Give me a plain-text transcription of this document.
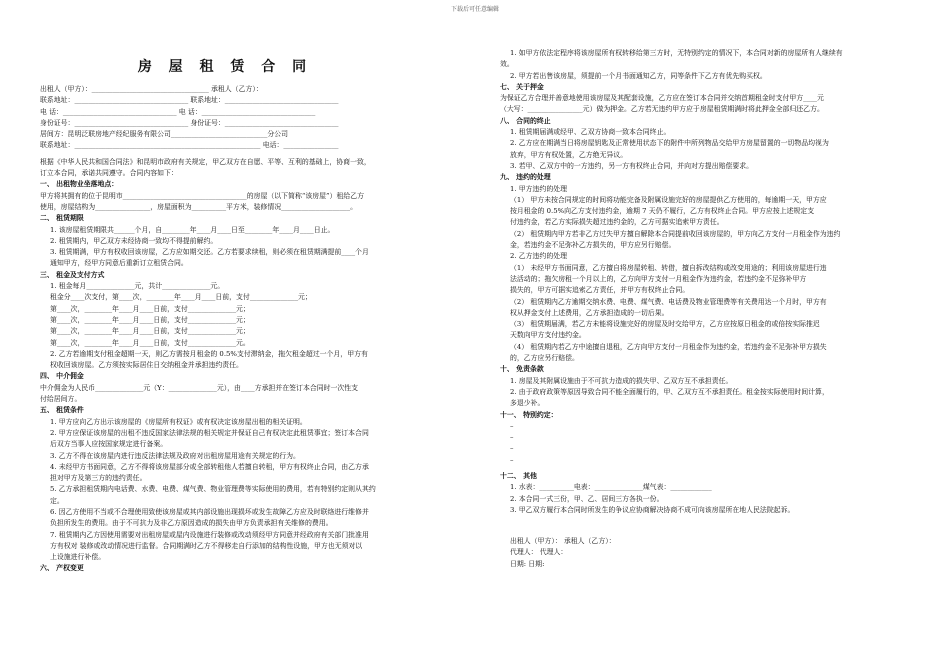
下载后可任意编辑
房 屋 租 赁 合 同
出租人（甲方）：__________________________________ 承租人（乙方）：
联系地址：_________________________________ 联系地址：_________________________________
电 话：_________________________________ 电 话：_________________________________
身份证号：_________________________________ 身份证号：_________________________________
居间方：昆明泛联房地产经纪服务有限公司____________________________分公司
联系地址：______________________________________________________ 电话：________________
根据《中华人民共和国合同法》和昆明市政府有关规定，甲乙双方在自愿、平等、互利的基础上，协商一致，
订立本合同，承诺共同遵守。合同内容如下：
一、 出租物业坐落地点：
甲方将其拥有的位于昆明市____________________________________的房屋（以下简称“该房屋”）租给乙方
使用，房屋结构为________________，房屋面积为__________平方米，装修情况____________________。
二、 租赁期限
1. 该房屋租赁期限共______个月，自________年____月____日至________年____月____日止。
2. 租赁期内，甲乙双方未经协商一致均不得提前解约。
3. 租赁期满，甲方有权收回该房屋，乙方应如期交还。乙方若要求续租，则必须在租赁期满提前____个月
通知甲方，经甲方同意后重新订立租赁合同。
三、 租金及支付方式
1. 租金每月______________元，共计______________元。
租金分____次支付，第____次，________年____月____日前，支付______________元；
第____次，________年____月____日前，支付______________元；
第____次，________年____月____日前，支付______________元；
第____次，________年____月____日前，支付______________元；
第____次，________年____月____日前，支付______________元。
2. 乙方若逾期支付租金超期一天，则乙方需按月租金的 0.5%支付滞纳金，拖欠租金超过一个月，甲方有
权收回该房屋。乙方须按实际居住日交纳租金并承担违约责任。
四、 中介佣金
中介佣金为人民币______________元（Y：______________元），由____方承担并在签订本合同时一次性支
付给居间方。
五、 租赁条件
1. 甲方应向乙方出示该房屋的《房屋所有权证》或有权决定该房屋出租的相关证明。
2. 甲方应保证该房屋的出租不违反国家法律法规的相关规定并保证自己有权决定此租赁事宜；签订本合同
后双方当事人应按国家规定进行备案。
3. 乙方不得在该房屋内进行违反法律法规及政府对出租房屋用途有关规定的行为。
4. 未经甲方书面同意，乙方不得将该房屋部分或全部转租他人若擅自转租，甲方有权终止合同，由乙方承
担对甲方及第三方的违约责任。
5. 乙方承担租赁期内电话费、水费、电费、煤气费、物业管理费等实际使用的费用，若有特别约定则从其约
定。
6. 因乙方使用不当或不合理使用致使该房屋或其内部设施出现损坏或发生故障乙方应及时联络进行维修并
负担所发生的费用。由于不可抗力及非乙方原因造成的损失由甲方负责承担有关维修的费用。
7. 租赁期内乙方因使用需要对出租房屋或屋内设施进行装修或改动须经甲方同意并经政府有关部门批准用
方有权对 装修或改动情况进行监督。合同期满时乙方不得移走自行添加的结构性设施，甲方也无须对以
上设施进行补偿。
六、 产权变更
1. 如甲方依法定程序将该房屋所有权转移给第三方时，无特别约定的情况下，本合同对新的房屋所有人继续有
效。
2. 甲方若出售该房屋，须提前一个月书面通知乙方，同等条件下乙方有优先购买权。
七、 关于押金
为保证乙方合理并善意地使用该房屋及其配套设施，乙方应在签订本合同并交纳首期租金时支付甲方____元
（大写：________________元）做为押金。乙方若无违约甲方应于房屋租赁期满时将此押金全部归还乙方。
八、 合同的终止
1. 租赁期届满或经甲、乙双方协商一致本合同终止。
2. 乙方应在期满当日将房屋钥匙及正常使用状态下的附件中所列物品交给甲方房屋留置的一切物品均视为
放弃，甲方有权处置，乙方绝无异议。
3. 若甲、乙双方中的一方违约，另一方有权终止合同，并向对方提出赔偿要求。
九、 违约的处理
1. 甲方违约的处理
（1） 甲方未按合同规定的时间将功能完备及附属设施完好的房屋提供乙方使用的，每逾期一天，甲方应
按月租金的 0.5%向乙方支付违约金，逾期 7 天仍不履行，乙方有权终止合同。甲方应按上述规定支
付违约金，若乙方实际损失超过违约金的，乙方可据实追索甲方责任。
（2） 租赁期内甲方若非乙方过失甲方擅自解除本合同提前收回该房屋的，甲方向乙方支付一月租金作为违约
金，若违约金不足弥补乙方损失的，甲方应另行赔偿。
2. 乙方违约的处理
（1） 未经甲方书面同意，乙方擅自将房屋转租、转借，擅自拆改结构或改变用途的；利用该房屋进行违
法活动的；拖欠房租一个月以上的，乙方向甲方支付一月租金作为违约金，若违约金不足弥补甲方
损失的，甲方可据实追索乙方责任，并甲方有权终止合同。
（2） 租赁期内乙方逾期交纳水费、电费、煤气费、电话费及物业管理费等有关费用达一个月时，甲方有
权从押金支付上述费用，乙方承担造成的一切后果。
（3） 租赁期届满，若乙方未能将设施完好的房屋及时交给甲方，乙方应按原日租金的或倍按实际推迟
天数向甲方支付违约金。
（4） 租赁期内若乙方中途擅自退租，乙方向甲方支付一月租金作为违约金，若违约金不足弥补甲方损失
的，乙方应另行赔偿。
十、 免责条款
1. 房屋及其附属设施由于不可抗力造成的损失甲、乙双方互不承担责任。
2. 由于政府政策等原因导致合同不能全面履行的，甲、乙双方互不承担责任。租金按实际使用时间计算，
多退少补。
十一、 特别约定：
–
–
–
–
十二、 其他
1. 水表：__________电表：______________煤气表：____________
2. 本合同一式三份，甲、乙、居间三方各执一份。
3. 甲乙双方履行本合同时所发生的争议应协商解决协商不成可向该房屋所在地人民法院起诉。
出租人（甲方）： 承租人（乙方）：
代理人： 代理人：
日期: 日期:
